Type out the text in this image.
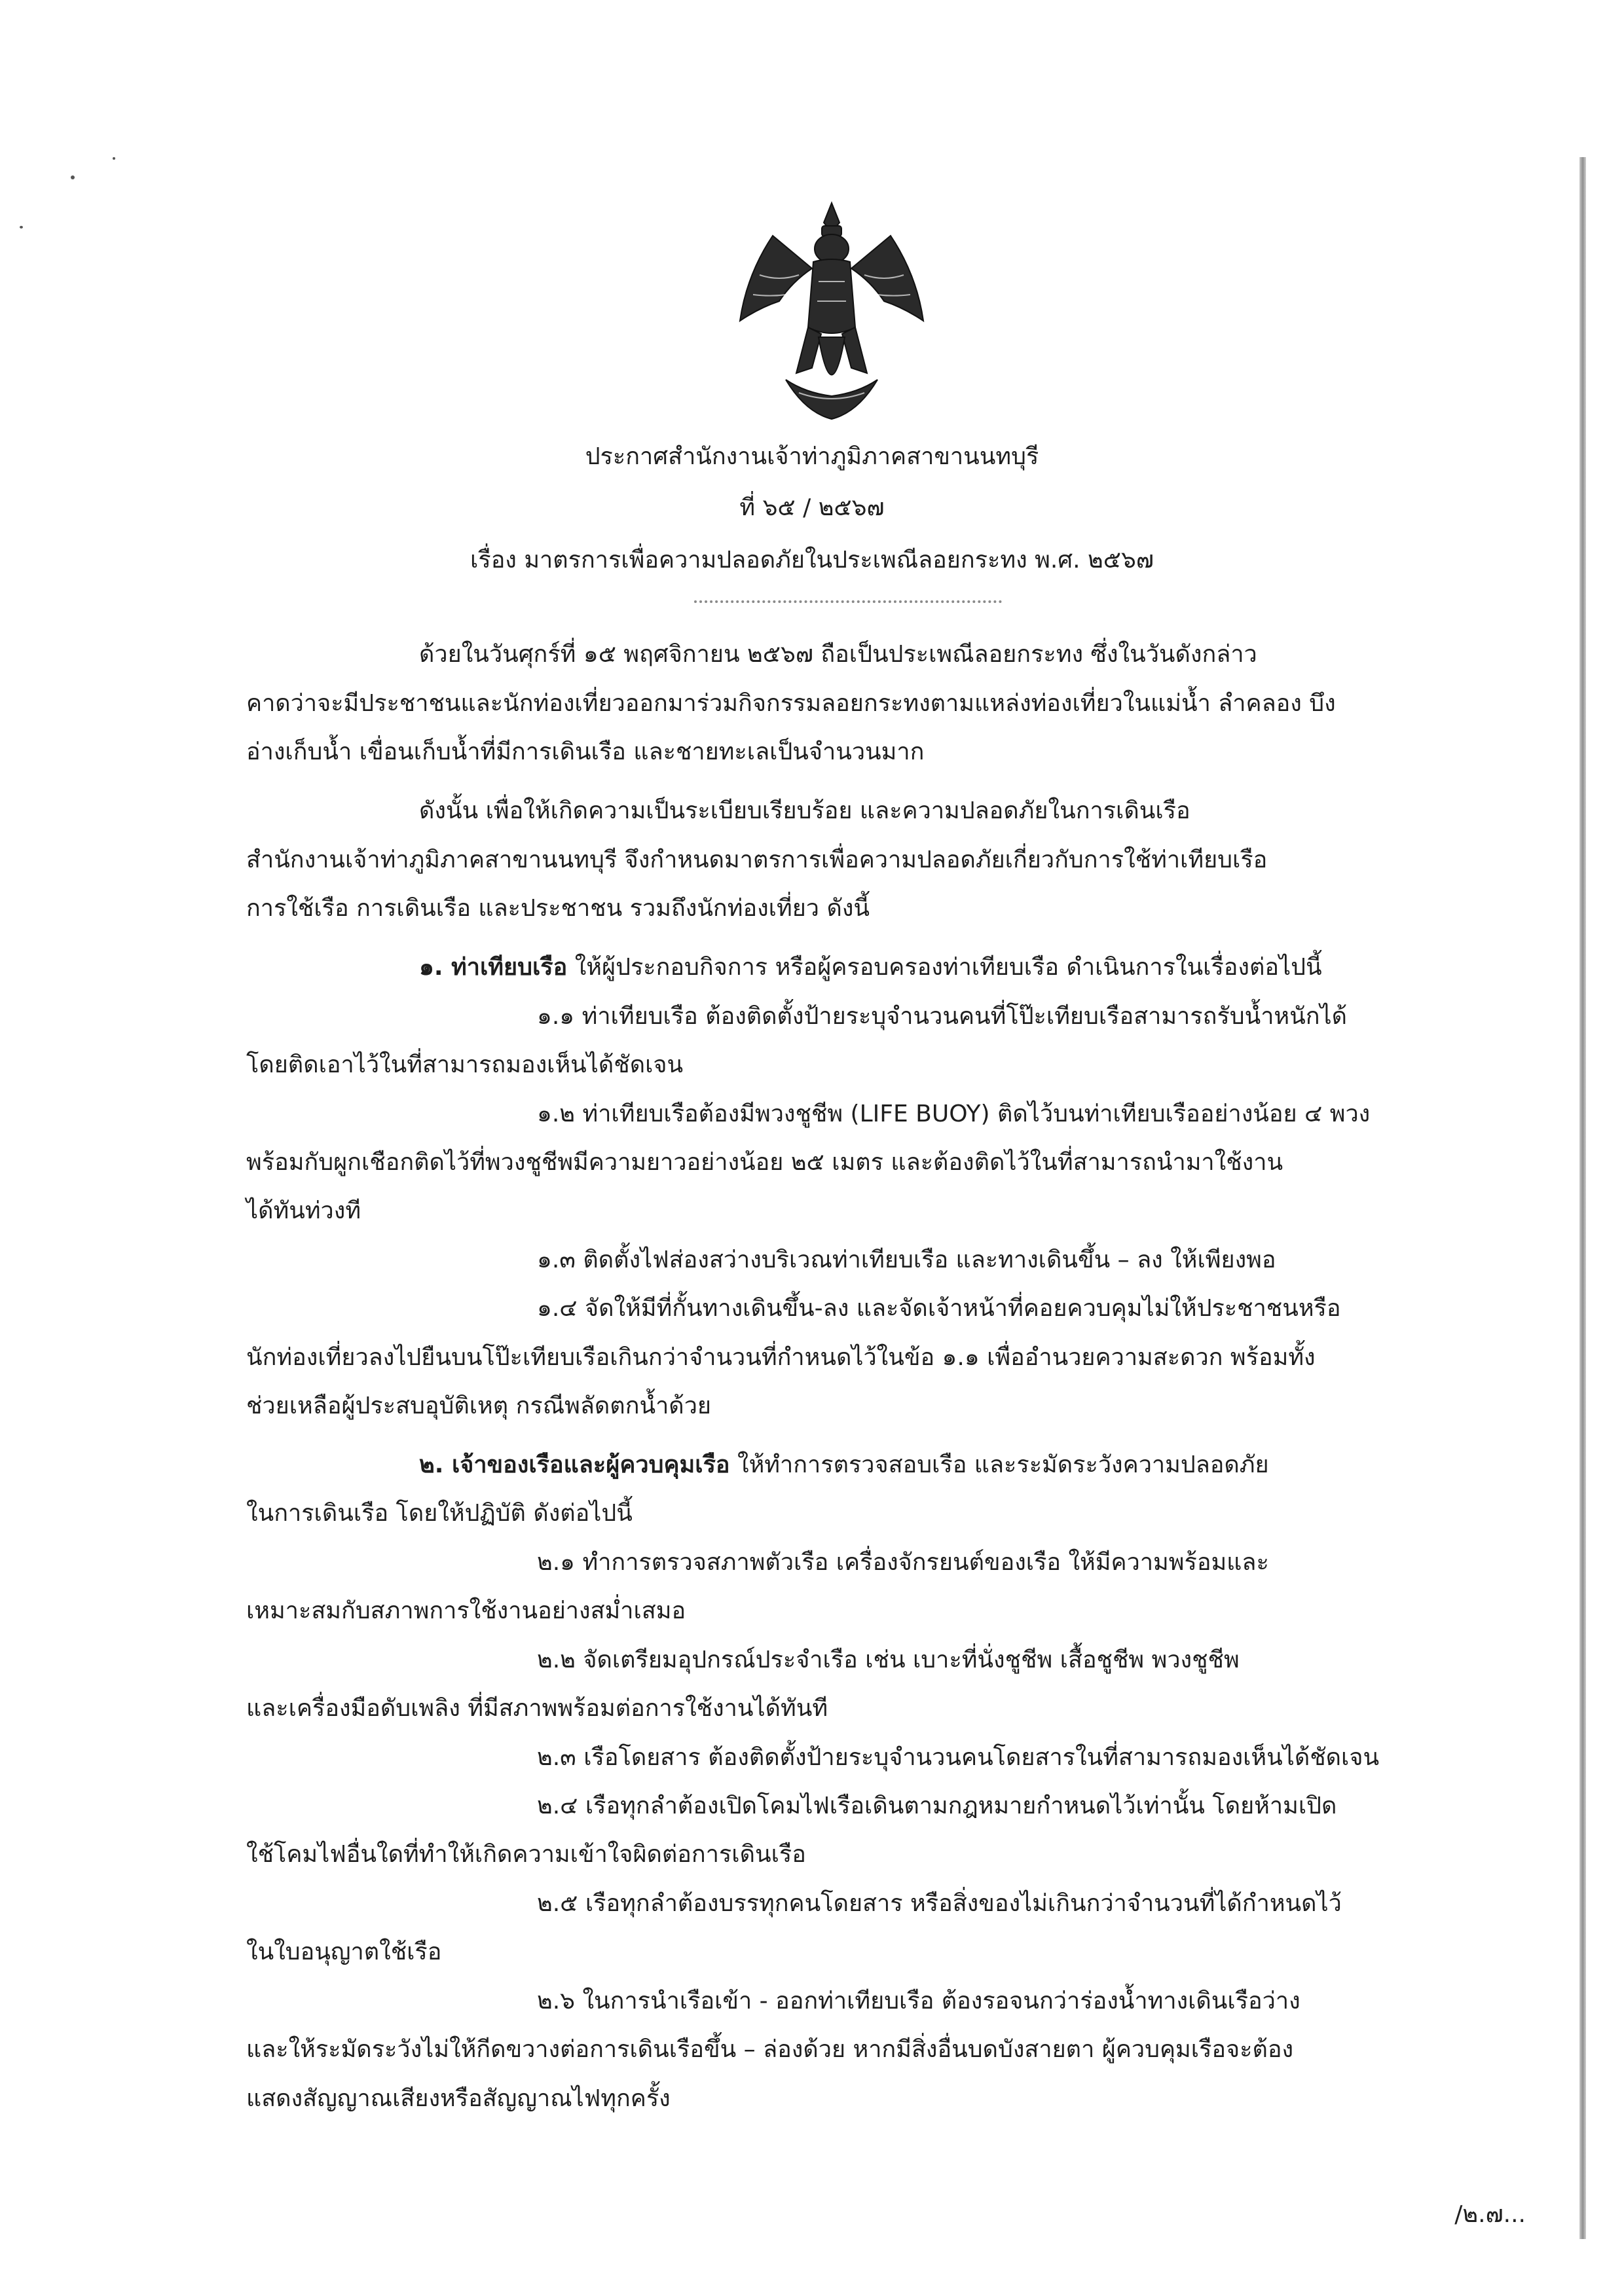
ประกาศสำนักงานเจ้าท่าภูมิภาคสาขานนทบุรี
ที่ ๖๕ / ๒๕๖๗
เรื่อง มาตรการเพื่อความปลอดภัยในประเพณีลอยกระทง พ.ศ. ๒๕๖๗
ด้วยในวันศุกร์ที่ ๑๕ พฤศจิกายน ๒๕๖๗ ถือเป็นประเพณีลอยกระทง ซึ่งในวันดังกล่าว
คาดว่าจะมีประชาชนและนักท่องเที่ยวออกมาร่วมกิจกรรมลอยกระทงตามแหล่งท่องเที่ยวในแม่น้ำ ลำคลอง บึง
อ่างเก็บน้ำ เขื่อนเก็บน้ำที่มีการเดินเรือ และชายทะเลเป็นจำนวนมาก
ดังนั้น เพื่อให้เกิดความเป็นระเบียบเรียบร้อย และความปลอดภัยในการเดินเรือ
สำนักงานเจ้าท่าภูมิภาคสาขานนทบุรี จึงกำหนดมาตรการเพื่อความปลอดภัยเกี่ยวกับการใช้ท่าเทียบเรือ
การใช้เรือ การเดินเรือ และประชาชน รวมถึงนักท่องเที่ยว ดังนี้
๑. ท่าเทียบเรือ ให้ผู้ประกอบกิจการ หรือผู้ครอบครองท่าเทียบเรือ ดำเนินการในเรื่องต่อไปนี้
๑.๑ ท่าเทียบเรือ ต้องติดตั้งป้ายระบุจำนวนคนที่โป๊ะเทียบเรือสามารถรับน้ำหนักได้
โดยติดเอาไว้ในที่สามารถมองเห็นได้ชัดเจน
๑.๒ ท่าเทียบเรือต้องมีพวงชูชีพ (LIFE BUOY) ติดไว้บนท่าเทียบเรืออย่างน้อย ๔ พวง
พร้อมกับผูกเชือกติดไว้ที่พวงชูชีพมีความยาวอย่างน้อย ๒๕ เมตร และต้องติดไว้ในที่สามารถนำมาใช้งาน
ได้ทันท่วงที
๑.๓ ติดตั้งไฟส่องสว่างบริเวณท่าเทียบเรือ และทางเดินขึ้น – ลง ให้เพียงพอ
๑.๔ จัดให้มีที่กั้นทางเดินขึ้น-ลง และจัดเจ้าหน้าที่คอยควบคุมไม่ให้ประชาชนหรือ
นักท่องเที่ยวลงไปยืนบนโป๊ะเทียบเรือเกินกว่าจำนวนที่กำหนดไว้ในข้อ ๑.๑ เพื่ออำนวยความสะดวก พร้อมทั้ง
ช่วยเหลือผู้ประสบอุบัติเหตุ กรณีพลัดตกน้ำด้วย
๒. เจ้าของเรือและผู้ควบคุมเรือ ให้ทำการตรวจสอบเรือ และระมัดระวังความปลอดภัย
ในการเดินเรือ โดยให้ปฏิบัติ ดังต่อไปนี้
๒.๑ ทำการตรวจสภาพตัวเรือ เครื่องจักรยนต์ของเรือ ให้มีความพร้อมและ
เหมาะสมกับสภาพการใช้งานอย่างสม่ำเสมอ
๒.๒ จัดเตรียมอุปกรณ์ประจำเรือ เช่น เบาะที่นั่งชูชีพ เสื้อชูชีพ พวงชูชีพ
และเครื่องมือดับเพลิง ที่มีสภาพพร้อมต่อการใช้งานได้ทันที
๒.๓ เรือโดยสาร ต้องติดตั้งป้ายระบุจำนวนคนโดยสารในที่สามารถมองเห็นได้ชัดเจน
๒.๔ เรือทุกลำต้องเปิดโคมไฟเรือเดินตามกฎหมายกำหนดไว้เท่านั้น โดยห้ามเปิด
ใช้โคมไฟอื่นใดที่ทำให้เกิดความเข้าใจผิดต่อการเดินเรือ
๒.๕ เรือทุกลำต้องบรรทุกคนโดยสาร หรือสิ่งของไม่เกินกว่าจำนวนที่ได้กำหนดไว้
ในใบอนุญาตใช้เรือ
๒.๖ ในการนำเรือเข้า - ออกท่าเทียบเรือ ต้องรอจนกว่าร่องน้ำทางเดินเรือว่าง
และให้ระมัดระวังไม่ให้กีดขวางต่อการเดินเรือขึ้น – ล่องด้วย หากมีสิ่งอื่นบดบังสายตา ผู้ควบคุมเรือจะต้อง
แสดงสัญญาณเสียงหรือสัญญาณไฟทุกครั้ง
/๒.๗...
